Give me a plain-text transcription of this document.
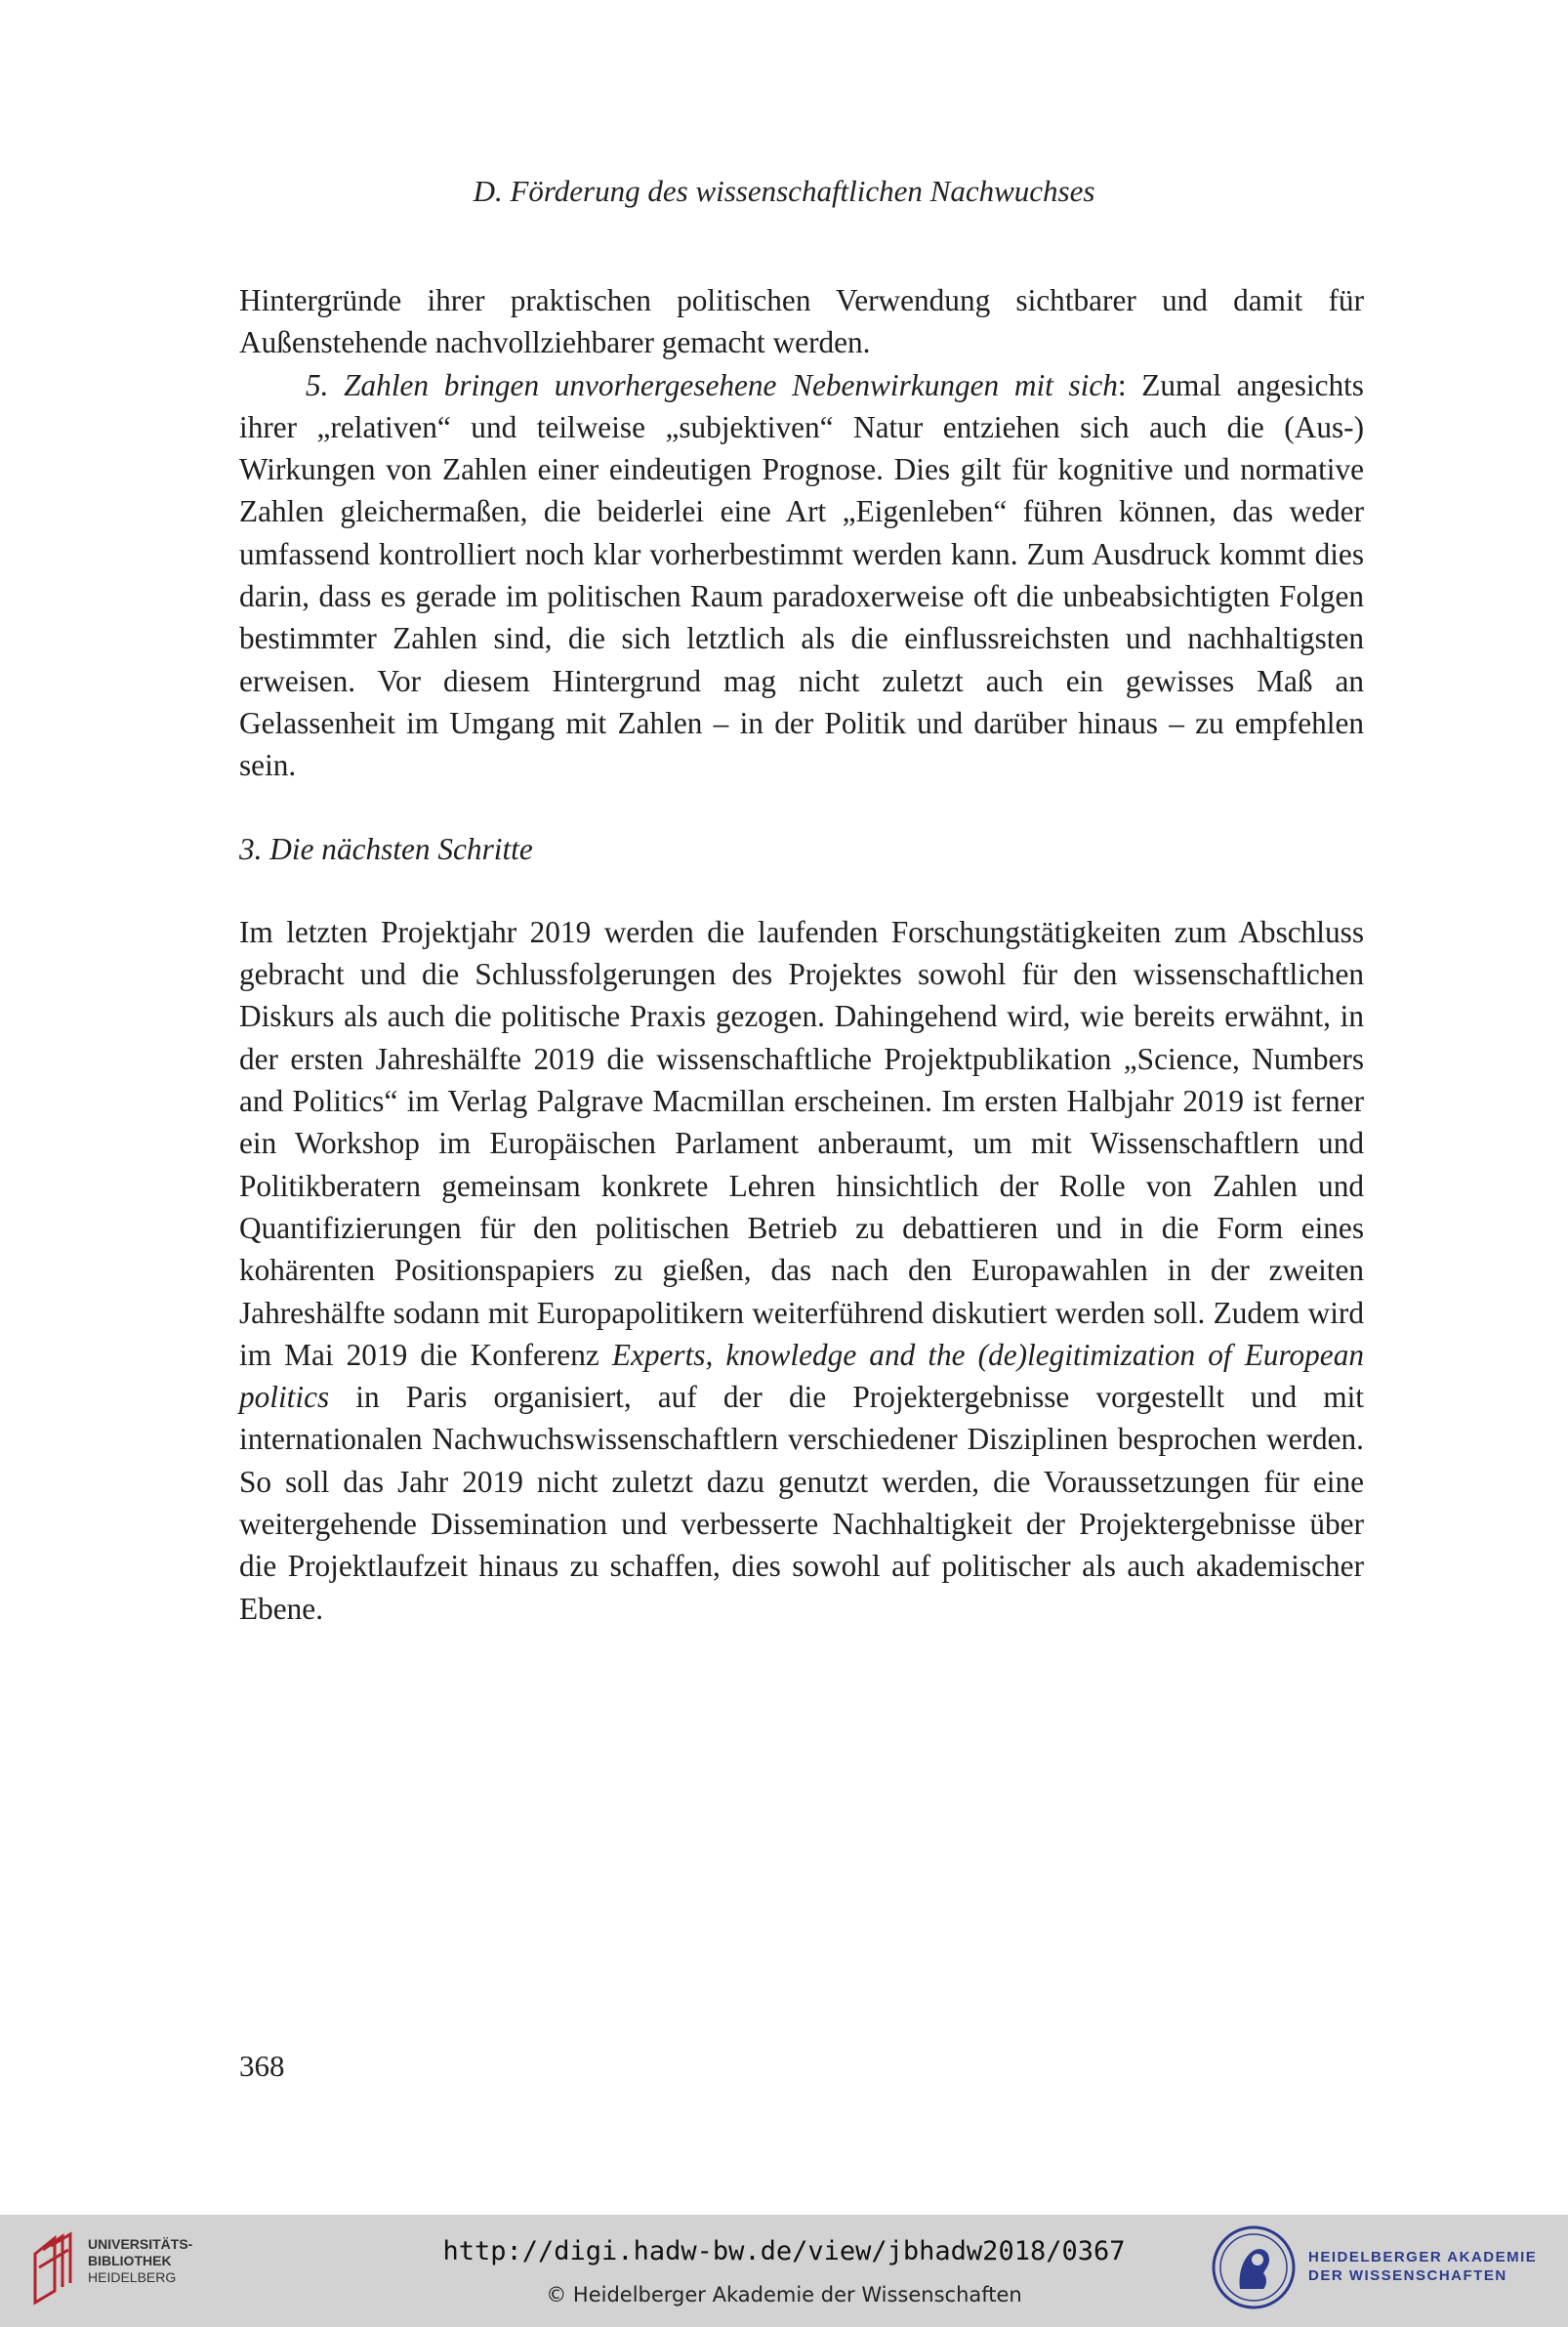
D. Förderung des wissenschaftlichen Nachwuchses

Hintergründe ihrer praktischen politischen Verwendung sichtbarer und damit für Außenstehende nachvollziehbarer gemacht werden.

5. Zahlen bringen unvorhergesehene Nebenwirkungen mit sich: Zumal angesichts ihrer „relativen“ und teilweise „subjektiven“ Natur entziehen sich auch die (Aus-) Wirkungen von Zahlen einer eindeutigen Prognose. Dies gilt für kognitive und normative Zahlen gleichermaßen, die beiderlei eine Art „Eigenleben“ führen können, das weder umfassend kontrolliert noch klar vorherbestimmt werden kann. Zum Ausdruck kommt dies darin, dass es gerade im politischen Raum paradoxerweise oft die unbeabsichtigten Folgen bestimmter Zahlen sind, die sich letztlich als die einflussreichsten und nachhaltigsten erweisen. Vor diesem Hintergrund mag nicht zuletzt auch ein gewisses Maß an Gelassenheit im Umgang mit Zahlen – in der Politik und darüber hinaus – zu empfehlen sein.

3. Die nächsten Schritte

Im letzten Projektjahr 2019 werden die laufenden Forschungstätigkeiten zum Abschluss gebracht und die Schlussfolgerungen des Projektes sowohl für den wissenschaftlichen Diskurs als auch die politische Praxis gezogen. Dahingehend wird, wie bereits erwähnt, in der ersten Jahreshälfte 2019 die wissenschaftliche Projektpublikation „Science, Numbers and Politics“ im Verlag Palgrave Macmillan erscheinen. Im ersten Halbjahr 2019 ist ferner ein Workshop im Europäischen Parlament anberaumt, um mit Wissenschaftlern und Politikberatern gemeinsam konkrete Lehren hinsichtlich der Rolle von Zahlen und Quantifizierungen für den politischen Betrieb zu debattieren und in die Form eines kohärenten Positionspapiers zu gießen, das nach den Europawahlen in der zweiten Jahreshälfte sodann mit Europapolitikern weiterführend diskutiert werden soll. Zudem wird im Mai 2019 die Konferenz Experts, knowledge and the (de)legitimization of European politics in Paris organisiert, auf der die Projektergebnisse vorgestellt und mit internationalen Nachwuchswissenschaftlern verschiedener Disziplinen besprochen werden. So soll das Jahr 2019 nicht zuletzt dazu genutzt werden, die Voraussetzungen für eine weitergehende Dissemination und verbesserte Nachhaltigkeit der Projektergebnisse über die Projektlaufzeit hinaus zu schaffen, dies sowohl auf politischer als auch akademischer Ebene.

368
UNIVERSITÄTS-
BIBLIOTHEK
HEIDELBERG
http://digi.hadw-bw.de/view/jbhadw2018/0367
© Heidelberger Akademie der Wissenschaften
HEIDELBERGER AKADEMIE
DER WISSENSCHAFTEN
